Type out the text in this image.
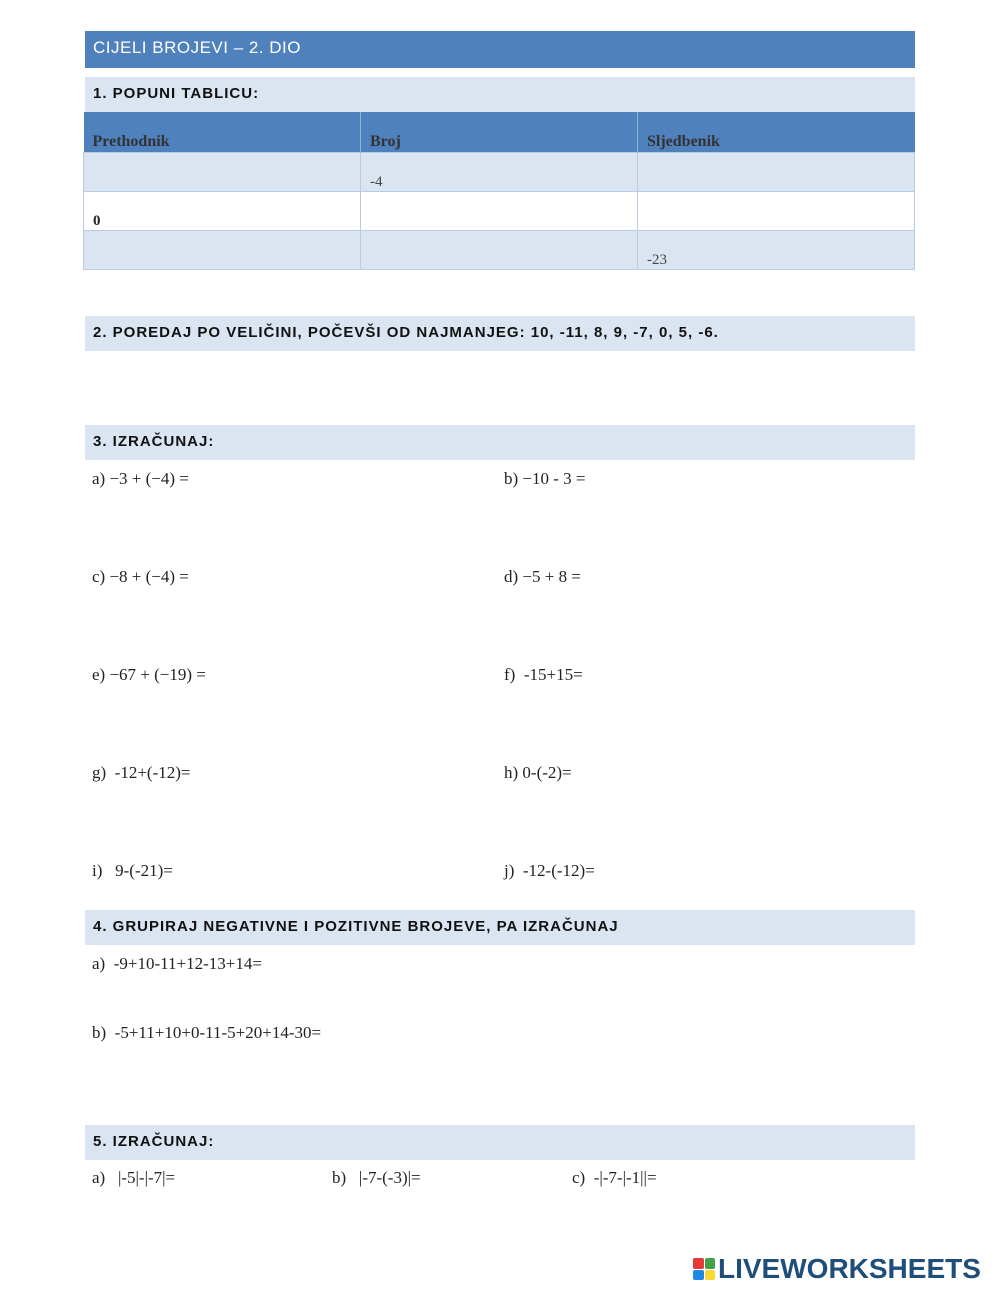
CIJELI BROJEVI – 2. DIO
1. POPUNI TABLICU:
Prethodnik	Broj	Sljedbenik
	-4	
0		
		-23
2. POREDAJ PO VELIČINI, POČEVŠI OD NAJMANJEG: 10, -11, 8, 9, -7, 0, 5, -6.
3. IZRAČUNAJ:
a) −3 + (−4) =	b) −10 - 3 =
c) −8 + (−4) =	d) −5 + 8 =
e) −67 + (−19) =	f)  -15+15=
g)  -12+(-12)=	h) 0-(-2)=
i)   9-(-21)=	j)  -12-(-12)=
4. GRUPIRAJ NEGATIVNE I POZITIVNE BROJEVE, PA IZRAČUNAJ
a)  -9+10-11+12-13+14=
b)  -5+11+10+0-11-5+20+14-30=
5. IZRAČUNAJ:
a)   |-5|-|-7|=	b)   |-7-(-3)|=	c)  -|-7-|-1||=
LIVEWORKSHEETS
